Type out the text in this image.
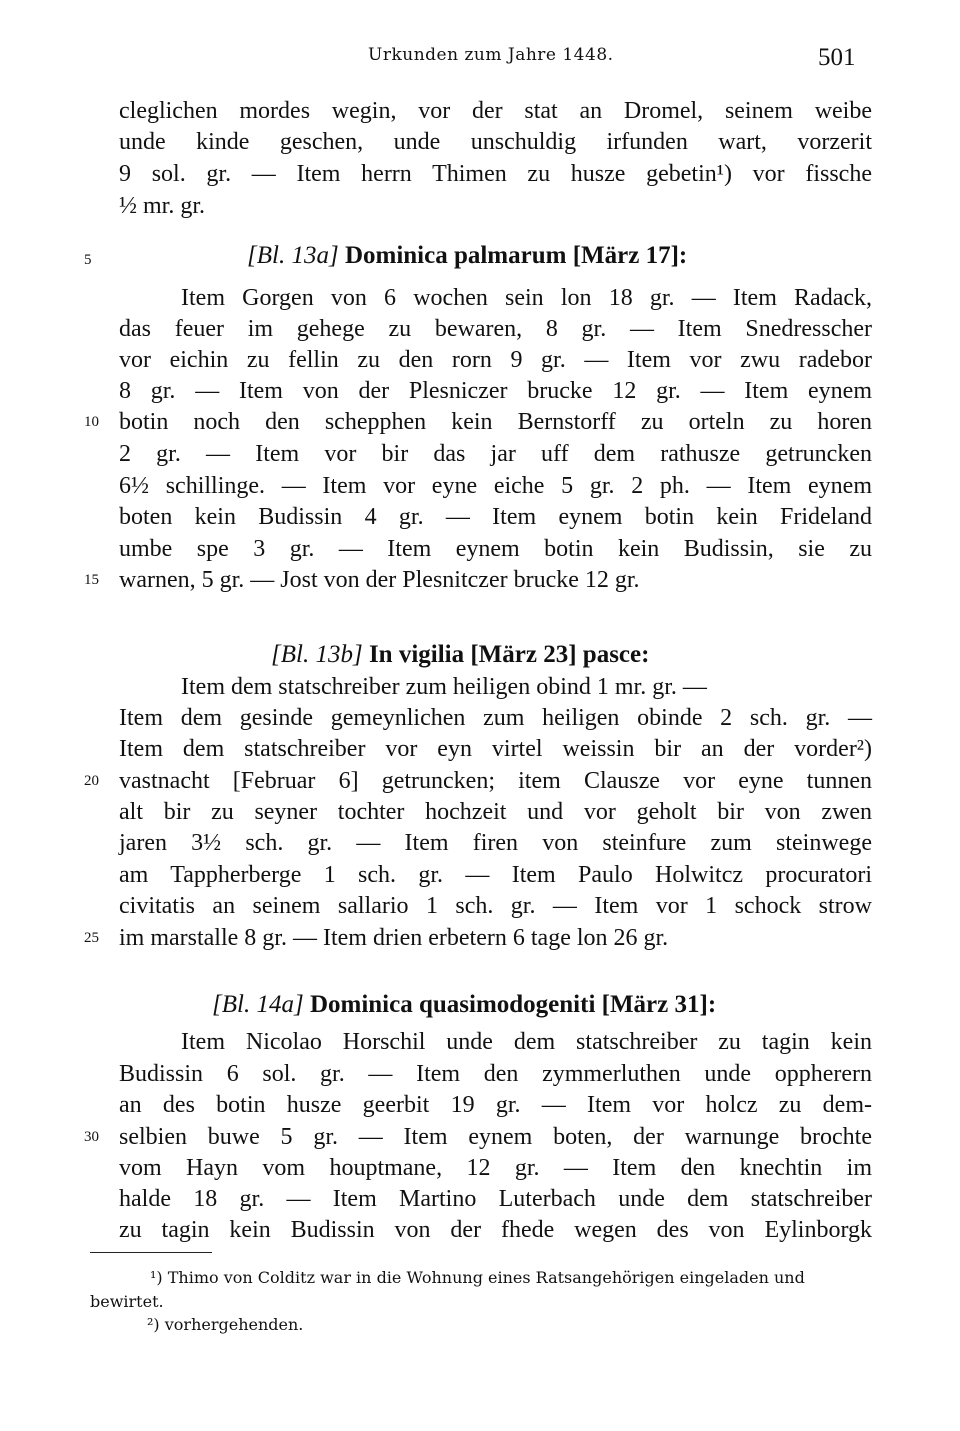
Urkunden zum Jahre 1448.	501
cleglichen mordes wegin, vor der stat an Dromel, seinem weibe
unde kinde geschen, unde unschuldig irfunden wart, vorzerit
9 sol. gr. — Item herrn Thimen zu husze gebetin¹) vor fissche
½ mr. gr.
5	[Bl. 13a] Dominica palmarum [März 17]:
Item Gorgen von 6 wochen sein lon 18 gr. — Item Radack,
das feuer im gehege zu bewaren, 8 gr. — Item Snedresscher
vor eichin zu fellin zu den rorn 9 gr. — Item vor zwu radebor
8 gr. — Item von der Plesniczer brucke 12 gr. — Item eynem
10 botin noch den schepphen kein Bernstorff zu orteln zu horen
2 gr. — Item vor bir das jar uff dem rathusze getruncken
6½ schillinge. — Item vor eyne eiche 5 gr. 2 ph. — Item eynem
boten kein Budissin 4 gr. — Item eynem botin kein Frideland
umbe spe 3 gr. — Item eynem botin kein Budissin, sie zu
15 warnen, 5 gr. — Jost von der Plesnitczer brucke 12 gr.
[Bl. 13b] In vigilia [März 23] pasce:
Item dem statschreiber zum heiligen obind 1 mr. gr. —
Item dem gesinde gemeynlichen zum heiligen obinde 2 sch. gr. —
Item dem statschreiber vor eyn virtel weissin bir an der vorder²)
20 vastnacht [Februar 6] getruncken; item Clausze vor eyne tunnen
alt bir zu seyner tochter hochzeit und vor geholt bir von zwen
jaren 3½ sch. gr. — Item firen von steinfure zum steinwege
am Tappherberge 1 sch. gr. — Item Paulo Holwitcz procuratori
civitatis an seinem sallario 1 sch. gr. — Item vor 1 schock strow
25 im marstalle 8 gr. — Item drien erbetern 6 tage lon 26 gr.
[Bl. 14a] Dominica quasimodogeniti [März 31]:
Item Nicolao Horschil unde dem statschreiber zu tagin kein
Budissin 6 sol. gr. — Item den zymmerluthen unde oppherern
an des botin husze geerbit 19 gr. — Item vor holcz zu dem-
30 selbien buwe 5 gr. — Item eynem boten, der warnunge brochte
vom Hayn vom houptmane, 12 gr. — Item den knechtin im
halde 18 gr. — Item Martino Luterbach unde dem statschreiber
zu tagin kein Budissin von der fhede wegen des von Eylinborgk
¹) Thimo von Colditz war in die Wohnung eines Ratsangehörigen eingeladen und
bewirtet.
²) vorhergehenden.
